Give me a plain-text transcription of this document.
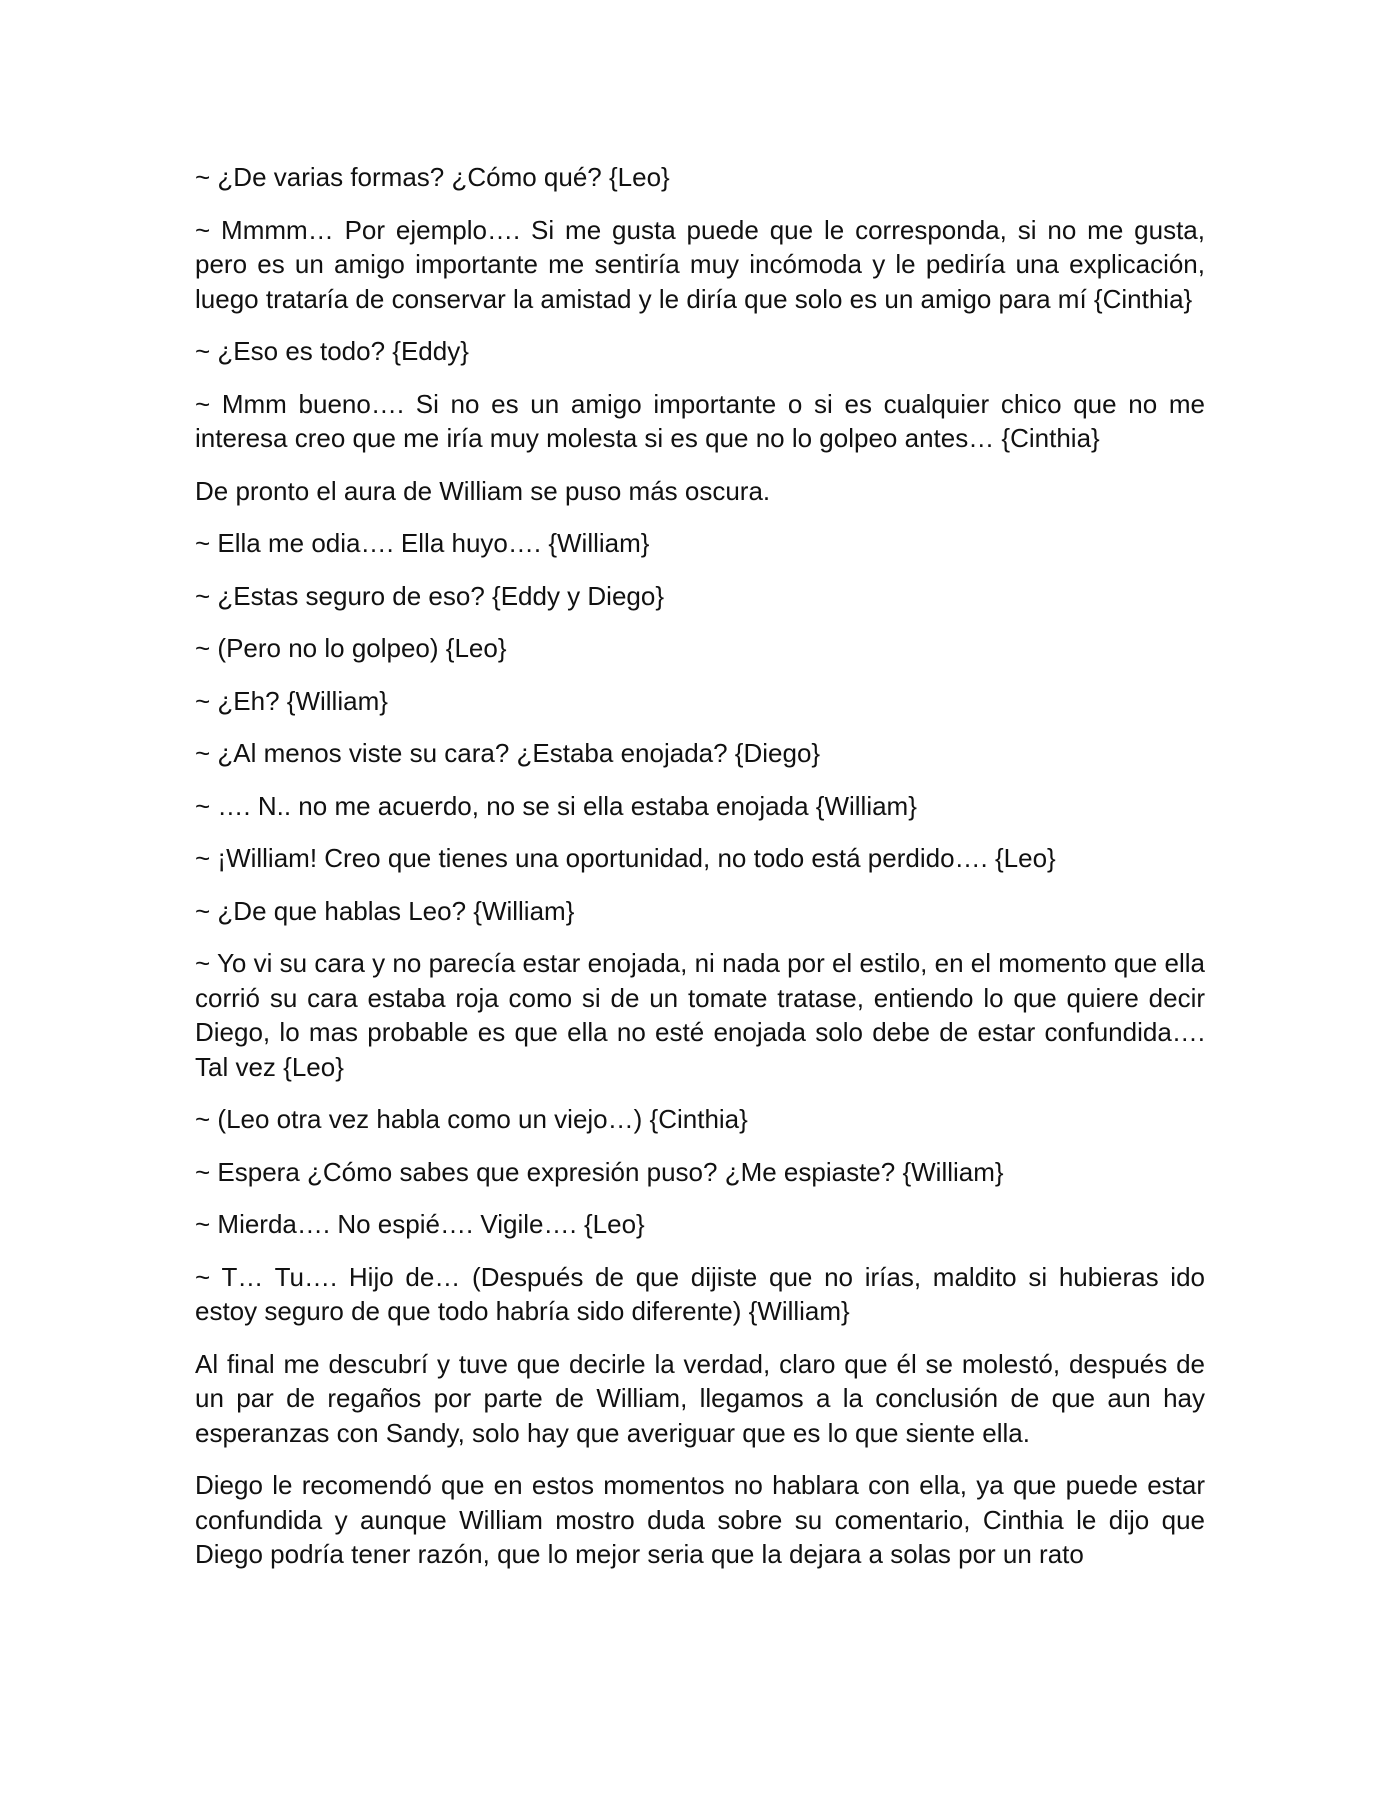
~ ¿De varias formas? ¿Cómo qué? {Leo}

~ Mmmm… Por ejemplo…. Si me gusta puede que le corresponda, si no me gusta, pero es un amigo importante me sentiría muy incómoda y le pediría una explicación, luego trataría de conservar la amistad y le diría que solo es un amigo para mí {Cinthia}

~ ¿Eso es todo? {Eddy}

~ Mmm bueno…. Si no es un amigo importante o si es cualquier chico que no me interesa creo que me iría muy molesta si es que no lo golpeo antes… {Cinthia}

De pronto el aura de William se puso más oscura.

~ Ella me odia…. Ella huyo…. {William}

~ ¿Estas seguro de eso? {Eddy y Diego}

~ (Pero no lo golpeo) {Leo}

~ ¿Eh? {William}

~ ¿Al menos viste su cara? ¿Estaba enojada? {Diego}

~ …. N.. no me acuerdo, no se si ella estaba enojada {William}

~ ¡William! Creo que tienes una oportunidad, no todo está perdido…. {Leo}

~ ¿De que hablas Leo? {William}

~ Yo vi su cara y no parecía estar enojada, ni nada por el estilo, en el momento que ella corrió su cara estaba roja como si de un tomate tratase, entiendo lo que quiere decir Diego, lo mas probable es que ella no esté enojada solo debe de estar confundida…. Tal vez {Leo}

~ (Leo otra vez habla como un viejo…) {Cinthia}

~ Espera ¿Cómo sabes que expresión puso? ¿Me espiaste? {William}

~ Mierda…. No espié…. Vigile…. {Leo}

~ T… Tu…. Hijo de… (Después de que dijiste que no irías, maldito si hubieras ido estoy seguro de que todo habría sido diferente) {William}

Al final me descubrí y tuve que decirle la verdad, claro que él se molestó, después de un par de regaños por parte de William, llegamos a la conclusión de que aun hay esperanzas con Sandy, solo hay que averiguar que es lo que siente ella.

Diego le recomendó que en estos momentos no hablara con ella, ya que puede estar confundida y aunque William mostro duda sobre su comentario, Cinthia le dijo que Diego podría tener razón, que lo mejor seria que la dejara a solas por un rato
